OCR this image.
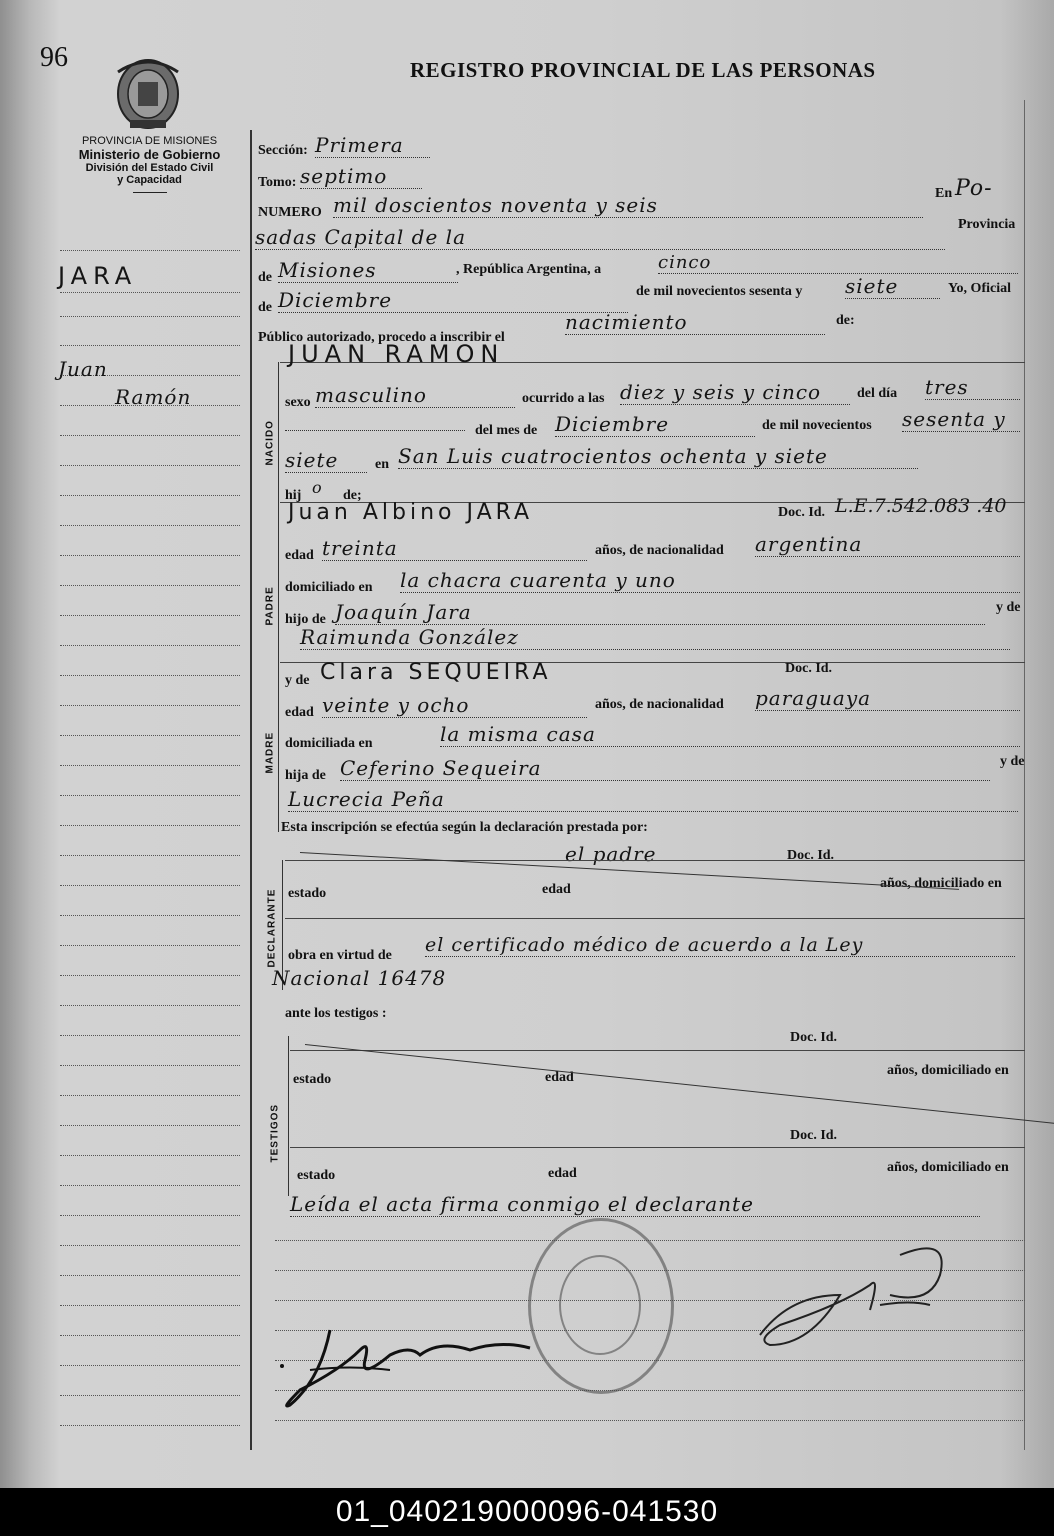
96	REGISTRO PROVINCIAL DE LAS PERSONAS
PROVINCIA DE MISIONES
Ministerio de Gobierno
División del Estado Civil
y Capacidad
JARA
Juan
Ramón
NACIDO
PADRE
MADRE
DECLARANTE
TESTIGOS
Sección: Primera
Tomo: septimo
NUMERO mil doscientos noventa y seis	En Po-
sadas Capital de la
Provincia
de Misiones	, República Argentina, a	cinco
de Diciembre	de mil novecientos sesenta y siete	Yo, Oficial
Público autorizado, procedo a inscribir el
nacimiento	de:
JUAN RAMON
sexo masculino	ocurrido a las diez y seis y cinco	del día tres
del mes de Diciembre	de mil novecientos sesenta y
siete	en San Luis cuatrocientos ochenta y siete
hij o de;
Juan Albino JARA	Doc. Id. L.E.7.542.083 .40
edad treinta	años, de nacionalidad argentina
domiciliado en la chacra cuarenta y uno
hijo de Joaquín Jara	y de
Raimunda González
y de Clara SEQUEIRA	Doc. Id.
edad veinte y ocho	años, de nacionalidad paraguaya
domiciliada en	la misma casa
hija de Ceferino Sequeira	y de
Lucrecia Peña
Esta inscripción se efectúa según la declaración prestada por:
el padre	Doc. Id.
estado	edad	años, domiciliado en
obra en virtud de el certificado médico de acuerdo a la Ley
Nacional 16478
ante los testigos :
Doc. Id.
estado	edad	años, domiciliado en
Doc. Id.
estado	edad	años, domiciliado en
Leída el acta firma conmigo el declarante
01_040219000096-041530
